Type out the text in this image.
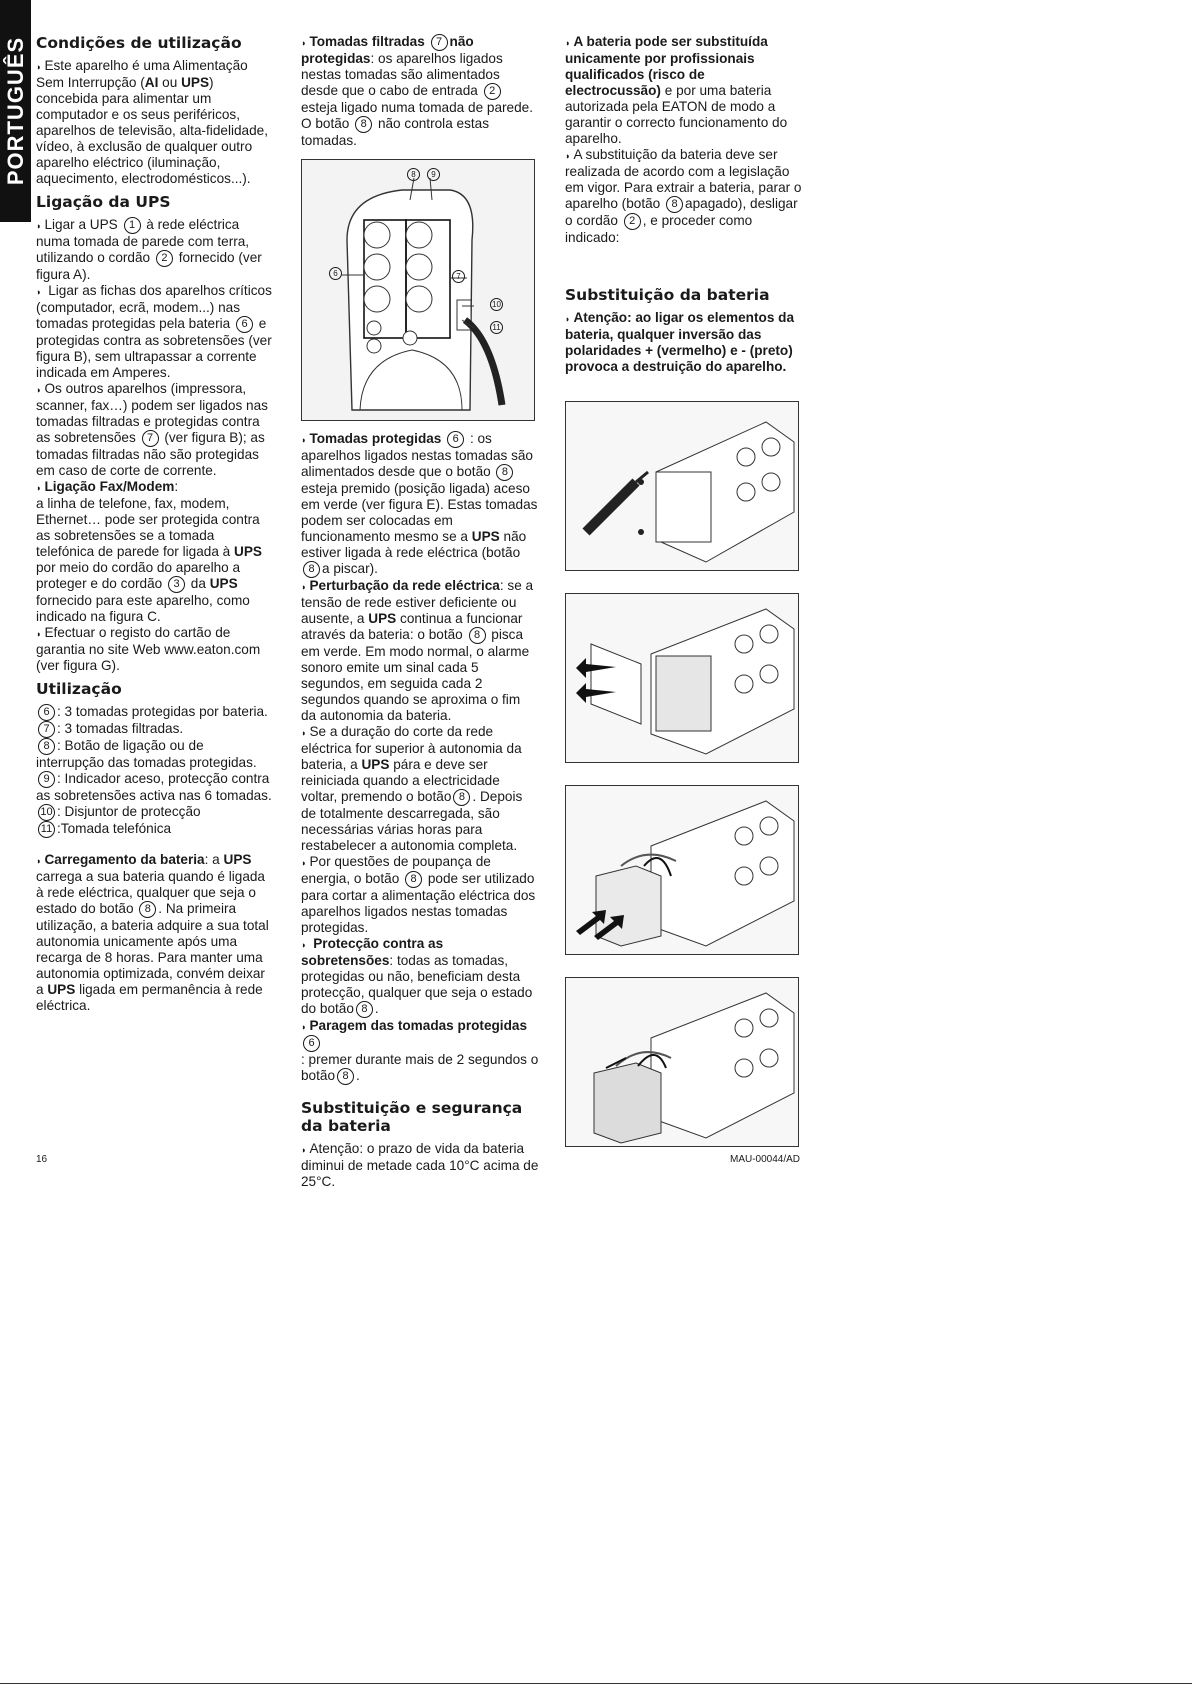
PORTUGUÊS Condições de utilização

◗ Este aparelho é uma Alimentação Sem Interrupção (AI ou UPS) concebida para alimentar um computador e os seus periféricos, aparelhos de televisão, alta-fidelidade, vídeo, à exclusão de qualquer outro aparelho eléctrico (iluminação, aquecimento, electrodomésticos...).

Ligação da UPS

◗ Ligar a UPS 1 à rede eléctrica numa tomada de parede com terra, utilizando o cordão 2 fornecido (ver figura A).

◗ Ligar as fichas dos aparelhos críticos (computador, ecrã, modem...) nas tomadas protegidas pela bateria 6 e protegidas contra as sobretensões (ver figura B), sem ultrapassar a corrente indicada em Amperes.

◗ Os outros aparelhos (impressora, scanner, fax…) podem ser ligados nas tomadas filtradas e protegidas contra as sobretensões 7 (ver figura B); as tomadas filtradas não são protegidas em caso de corte de corrente.

◗ Ligação Fax/Modem:
a linha de telefone, fax, modem, Ethernet… pode ser protegida contra as sobretensões se a tomada telefónica de parede for ligada à UPS por meio do cordão do aparelho a proteger e do cordão 3 da UPS fornecido para este aparelho, como indicado na figura C.

◗ Efectuar o registo do cartão de garantia no site Web www.eaton.com (ver figura G).

Utilização

6 : 3 tomadas protegidas por bateria.

7 : 3 tomadas filtradas.

8 : Botão de ligação ou de interrupção das tomadas protegidas.

9 : Indicador aceso, protecção contra as sobretensões activa nas 6 tomadas.

10 : Disjuntor de protecção

11 :Tomada telefónica

◗ Carregamento da bateria: a UPS carrega a sua bateria quando é ligada à rede eléctrica, qualquer que seja o estado do botão 8 . Na primeira utilização, a bateria adquire a sua total autonomia unicamente após uma recarga de 8 horas. Para manter uma autonomia optimizada, convém deixar a UPS ligada em permanência à rede eléctrica.

◗ Tomadas filtradas 7 não protegidas: os aparelhos ligados nestas tomadas são alimentados desde que o cabo de entrada 2 esteja ligado numa tomada de parede. O botão 8 não controla estas tomadas.

8	9
6	7
10
11

◗ Tomadas protegidas 6 : os aparelhos ligados nestas tomadas são alimentados desde que o botão 8esteja premido (posição ligada) aceso em verde (ver figura E). Estas tomadas podem ser colocadas em funcionamento mesmo se a UPS não estiver ligada à rede eléctrica (botão8 a piscar).

◗ Perturbação da rede eléctrica: se a tensão de rede estiver deficiente ou ausente, a UPS continua a funcionar através da bateria: o botão 8 pisca em verde. Em modo normal, o alarme sonoro emite um sinal cada 5 segundos, em seguida cada 2 segundos quando se aproxima o fim da autonomia da bateria.

◗ Se a duração do corte da rede eléctrica for superior à autonomia da bateria, a UPS pára e deve ser reiniciada quando a electricidade voltar, premendo o botão 8 . Depois de totalmente descarregada, são necessárias várias horas para restabelecer a autonomia completa.

◗ Por questões de poupança de energia, o botão 8 pode ser utilizado para cortar a alimentação eléctrica dos aparelhos ligados nestas tomadas protegidas.

◗ Protecção contra as sobretensões: todas as tomadas, protegidas ou não, beneficiam desta protecção, qualquer que seja o estado do botão 8 .

◗ Paragem das tomadas protegidas 6
: premer durante mais de 2 segundos o botão 8 .

Substituição e segurança da bateria

◗ Atenção: o prazo de vida da bateria diminui de metade cada 10°C acima de 25°C.

◗ A bateria pode ser substituída unicamente por profissionais qualificados (risco de electrocussão) e por uma bateria autorizada pela EATON de modo a garantir o correcto funcionamento do aparelho.

◗ A substituição da bateria deve ser realizada de acordo com a legislação em vigor. Para extrair a bateria, parar o aparelho (botão 8 apagado), desligar o cordão 2 , e proceder como indicado:

Substituição da bateria

◗ Atenção: ao ligar os elementos da bateria, qualquer inversão das polaridades + (vermelho) e - (preto) provoca a destruição do aparelho.

16	MAU-00044/AD
